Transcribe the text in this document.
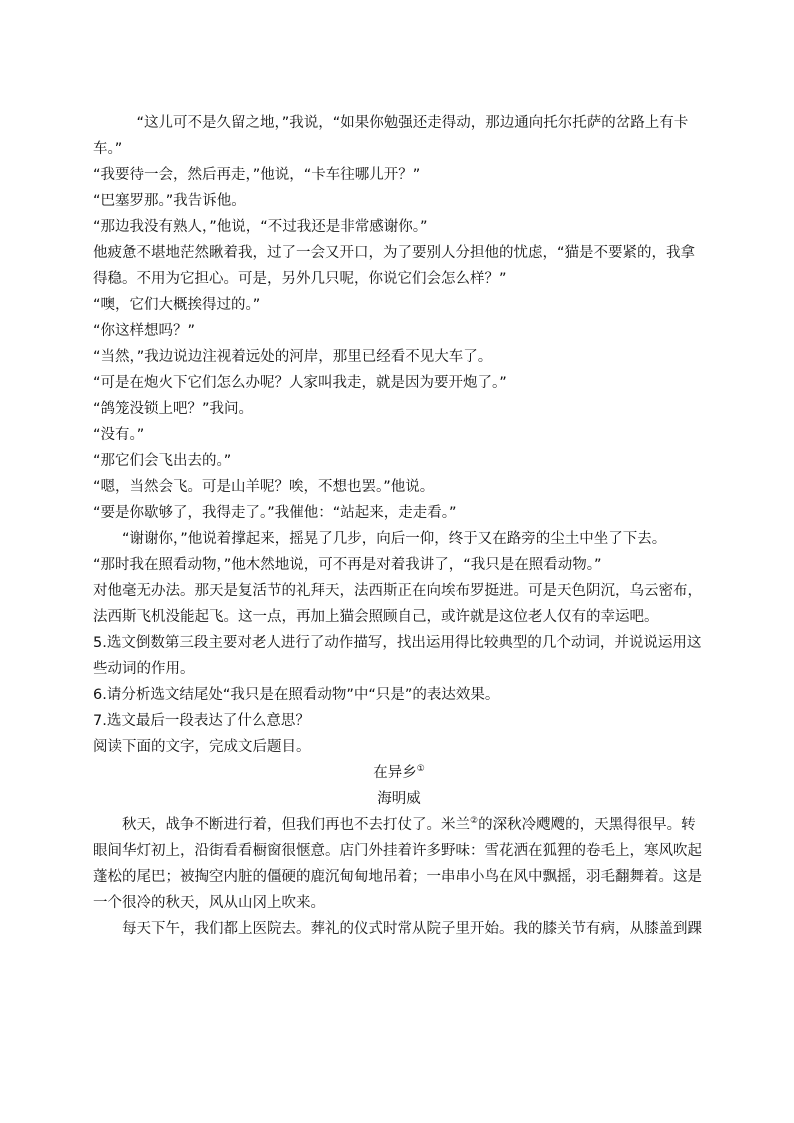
“这儿可不是久留之地，”我说，“如果你勉强还走得动，那边通向托尔托萨的岔路上有卡车。”

“我要待一会，然后再走，”他说，“卡车往哪儿开？”

“巴塞罗那。”我告诉他。

“那边我没有熟人，”他说，“不过我还是非常感谢你。”

他疲惫不堪地茫然瞅着我，过了一会又开口，为了要别人分担他的忧虑，“猫是不要紧的，我拿得稳。不用为它担心。可是，另外几只呢，你说它们会怎么样？”

“噢，它们大概挨得过的。”

“你这样想吗？”

“当然，”我边说边注视着远处的河岸，那里已经看不见大车了。

“可是在炮火下它们怎么办呢？人家叫我走，就是因为要开炮了。”

“鸽笼没锁上吧？”我问。

“没有。”

“那它们会飞出去的。”

“嗯，当然会飞。可是山羊呢？唉，不想也罢。”他说。

“要是你歇够了，我得走了。”我催他：“站起来，走走看。”

“谢谢你，”他说着撑起来，摇晃了几步，向后一仰，终于又在路旁的尘土中坐了下去。

“那时我在照看动物，”他木然地说，可不再是对着我讲了，“我只是在照看动物。”

对他毫无办法。那天是复活节的礼拜天，法西斯正在向埃布罗挺进。可是天色阴沉，乌云密布，法西斯飞机没能起飞。这一点，再加上猫会照顾自己，或许就是这位老人仅有的幸运吧。

5.选文倒数第三段主要对老人进行了动作描写，找出运用得比较典型的几个动词，并说说运用这些动词的作用。

6.请分析选文结尾处“我只是在照看动物”中“只是”的表达效果。

7.选文最后一段表达了什么意思？

阅读下面的文字，完成文后题目。

在异乡①

海明威

秋天，战争不断进行着，但我们再也不去打仗了。米兰②的深秋冷飕飕的，天黑得很早。转眼间华灯初上，沿街看看橱窗很惬意。店门外挂着许多野味：雪花洒在狐狸的卷毛上，寒风吹起蓬松的尾巴；被掏空内脏的僵硬的鹿沉甸甸地吊着；一串串小鸟在风中飘摇，羽毛翻舞着。这是一个很冷的秋天，风从山冈上吹来。

每天下午，我们都上医院去。葬礼的仪式时常从院子里开始。我的膝关节有病，从膝盖到踝
